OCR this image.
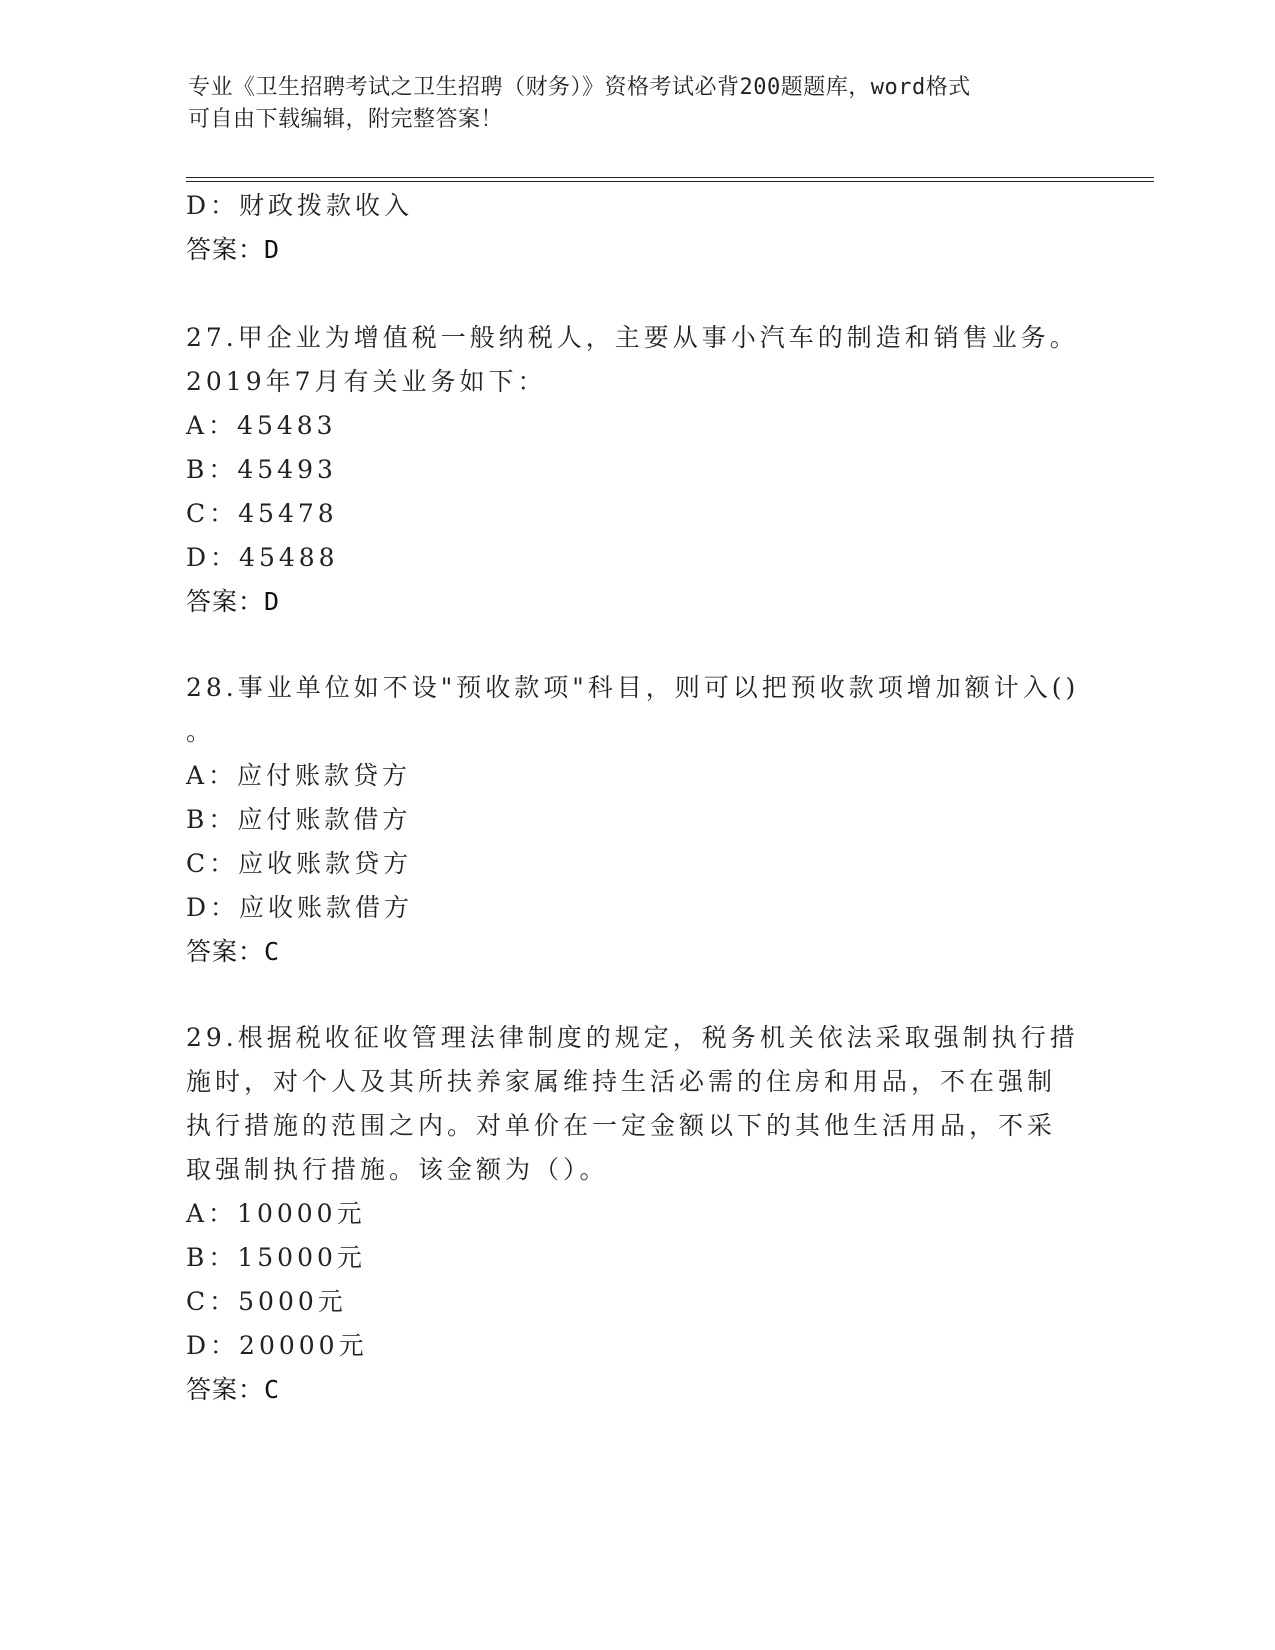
专业《卫生招聘考试之卫生招聘（财务）》资格考试必背200题题库，word格式
可自由下载编辑，附完整答案！
D：财政拨款收入
答案：D
27.甲企业为增值税一般纳税人，主要从事小汽车的制造和销售业务。
2019年7月有关业务如下：
A：45483
B：45493
C：45478
D：45488
答案：D
28.事业单位如不设"预收款项"科目，则可以把预收款项增加额计入()
。
A：应付账款贷方
B：应付账款借方
C：应收账款贷方
D：应收账款借方
答案：C
29.根据税收征收管理法律制度的规定，税务机关依法采取强制执行措
施时，对个人及其所扶养家属维持生活必需的住房和用品，不在强制
执行措施的范围之内。对单价在一定金额以下的其他生活用品，不采
取强制执行措施。该金额为（）。
A：10000元
B：15000元
C：5000元
D：20000元
答案：C
